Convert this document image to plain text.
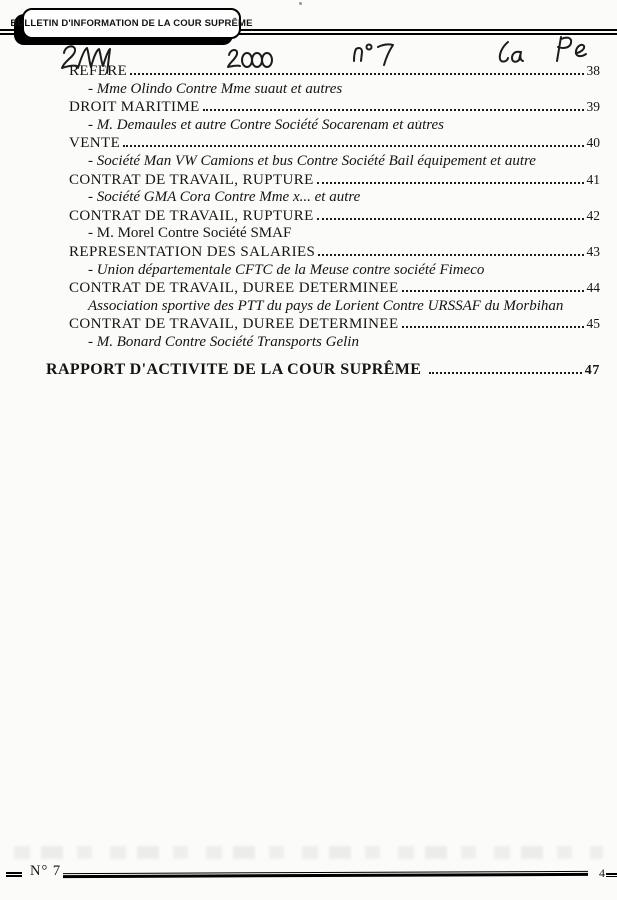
BULLETIN D'INFORMATION DE LA COUR SUPRÊME
REFERE	38
- Mme Olindo Contre Mme suaut et autres
DROIT MARITIME	39
- M. Demaules et autre Contre Société Socarenam et autres
VENTE	40
- Société Man VW Camions et bus Contre Société Bail équipement et autre
CONTRAT DE TRAVAIL, RUPTURE	41
- Société GMA Cora Contre Mme x... et autre
CONTRAT DE TRAVAIL, RUPTURE	42
- M. Morel Contre Société SMAF
REPRESENTATION DES SALARIES	43
- Union départementale CFTC de la Meuse contre société Fimeco
CONTRAT DE TRAVAIL, DUREE DETERMINEE	44
Association sportive des PTT du pays de Lorient Contre URSSAF du Morbihan
CONTRAT DE TRAVAIL, DUREE DETERMINEE	45
- M. Bonard Contre Société Transports Gelin
RAPPORT D'ACTIVITE DE LA COUR SUPRÊME	47
N° 7	4
